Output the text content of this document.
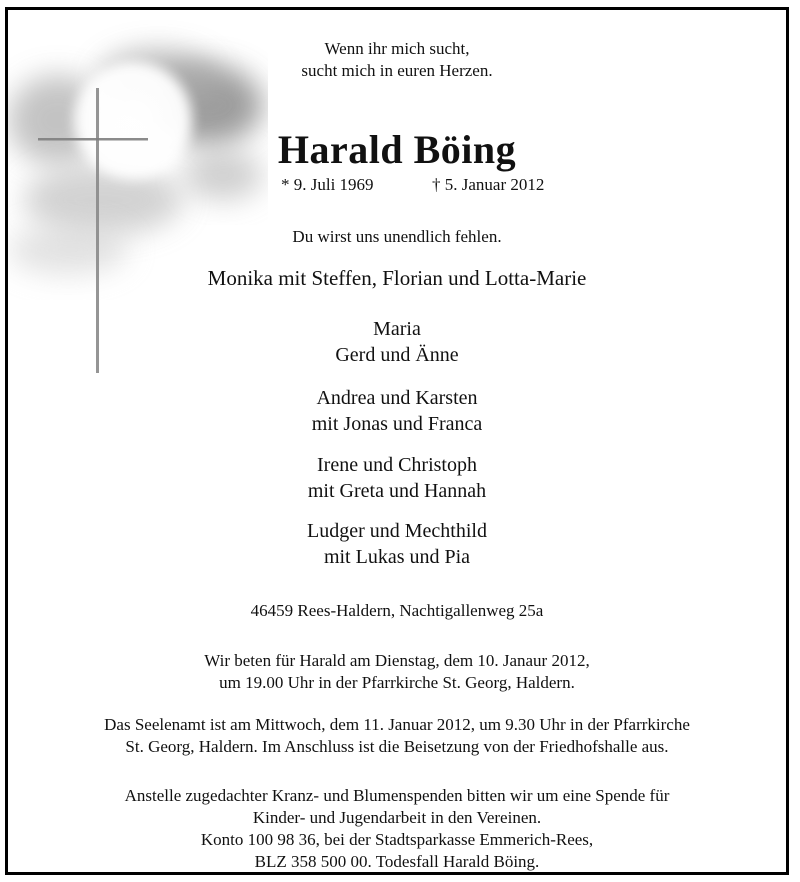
Wenn ihr mich sucht,
sucht mich in euren Herzen.
Harald Böing
* 9. Juli 1969	† 5. Januar 2012
Du wirst uns unendlich fehlen.
Monika mit Steffen, Florian und Lotta-Marie
Maria
Gerd und Änne
Andrea und Karsten
mit Jonas und Franca
Irene und Christoph
mit Greta und Hannah
Ludger und Mechthild
mit Lukas und Pia
46459 Rees-Haldern, Nachtigallenweg 25a
Wir beten für Harald am Dienstag, dem 10. Janaur 2012,
um 19.00 Uhr in der Pfarrkirche St. Georg, Haldern.
Das Seelenamt ist am Mittwoch, dem 11. Januar 2012, um 9.30 Uhr in der Pfarrkirche
St. Georg, Haldern. Im Anschluss ist die Beisetzung von der Friedhofshalle aus.
Anstelle zugedachter Kranz- und Blumenspenden bitten wir um eine Spende für
Kinder- und Jugendarbeit in den Vereinen.
Konto 100 98 36, bei der Stadtsparkasse Emmerich-Rees,
BLZ 358 500 00. Todesfall Harald Böing.
